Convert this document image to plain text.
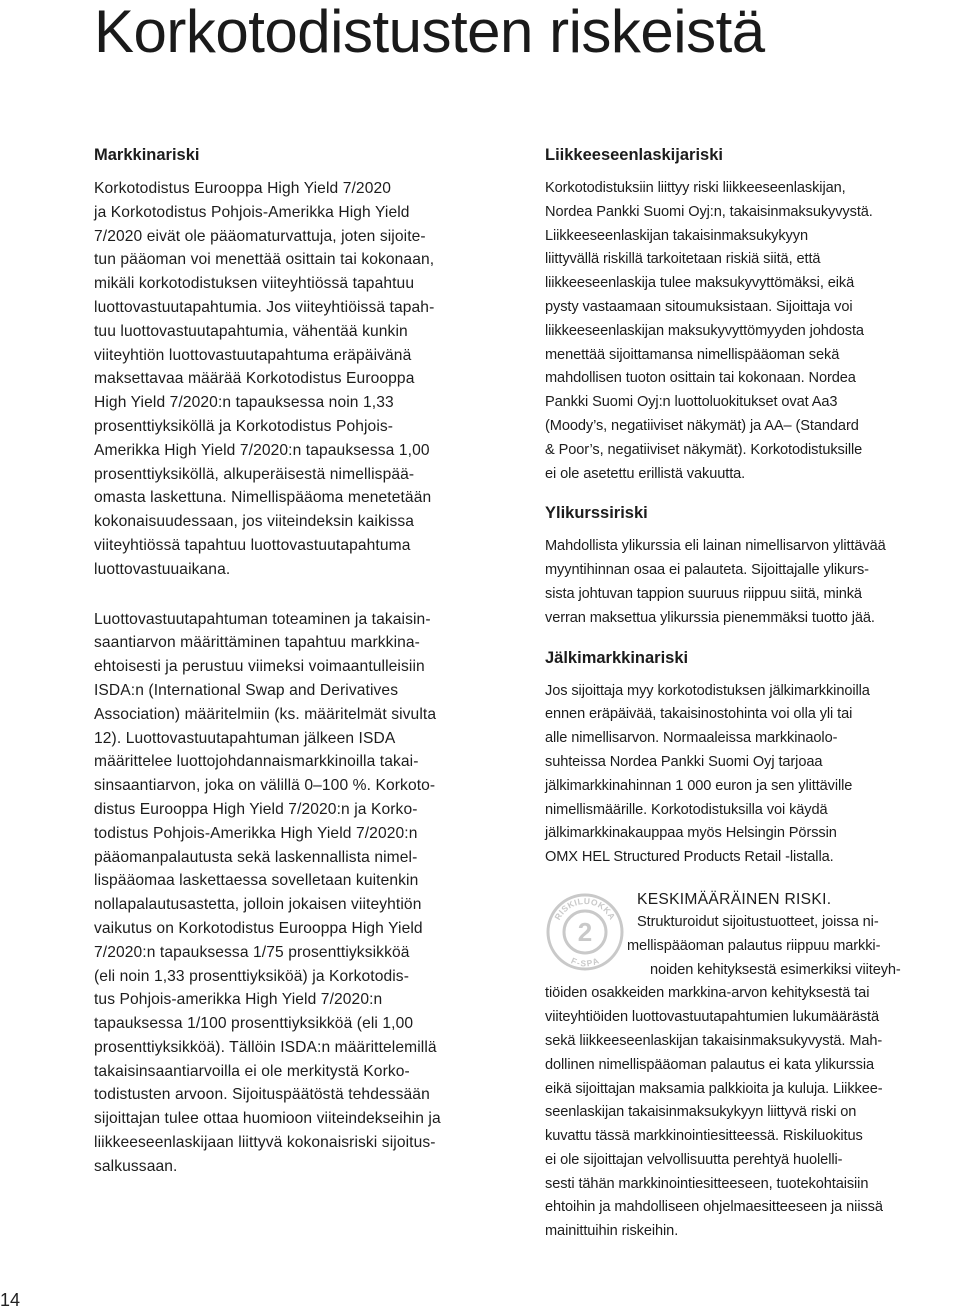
Korkotodistusten riskeistä
Markkinariski

Korkotodistus Eurooppa High Yield 7/2020
ja Korkotodistus Pohjois-Amerikka High Yield
7/2020 eivät ole pääomaturvattuja, joten sijoite-
tun pääoman voi menettää osittain tai kokonaan,
mikäli korkotodistuksen viiteyhtiössä tapahtuu
luottovastuutapahtumia. Jos viiteyhtiöissä tapah-
tuu luottovastuutapahtumia, vähentää kunkin
viiteyhtiön luottovastuutapahtuma eräpäivänä
maksettavaa määrää Korkotodistus Eurooppa
High Yield 7/2020:n tapauksessa noin 1,33
prosenttiyksiköllä ja Korkotodistus Pohjois-
Amerikka High Yield 7/2020:n tapauksessa 1,00
prosenttiyksiköllä, alkuperäisestä nimellispää-
omasta laskettuna. Nimellispääoma menetetään
kokonaisuudessaan, jos viiteindeksin kaikissa
viiteyhtiössä tapahtuu luottovastuutapahtuma
luottovastuuaikana.

Luottovastuutapahtuman toteaminen ja takaisin-
saantiarvon määrittäminen tapahtuu markkina-
ehtoisesti ja perustuu viimeksi voimaantulleisiin
ISDA:n (International Swap and Derivatives
Association) määritelmiin (ks. määritelmät sivulta
12). Luottovastuutapahtuman jälkeen ISDA
määrittelee luottojohdannaismarkkinoilla takai-
sinsaantiarvon, joka on välillä 0–100 %. Korkoto-
distus Eurooppa High Yield 7/2020:n ja Korko-
todistus Pohjois-Amerikka High Yield 7/2020:n
pääomanpalautusta sekä laskennallista nimel-
lispääomaa laskettaessa sovelletaan kuitenkin
nollapalautusastetta, jolloin jokaisen viiteyhtiön
vaikutus on Korkotodistus Eurooppa High Yield
7/2020:n tapauksessa 1/75 prosenttiyksikköä
(eli noin 1,33 prosenttiyksiköä) ja Korkotodis-
tus Pohjois-amerikka High Yield 7/2020:n
tapauksessa 1/100 prosenttiyksikköä (eli 1,00
prosenttiyksikköä). Tällöin ISDA:n määrittelemillä
takaisinsaantiarvoilla ei ole merkitystä Korko-
todistusten arvoon. Sijoituspäätöstä tehdessään
sijoittajan tulee ottaa huomioon viiteindekseihin ja
liikkeeseenlaskijaan liittyvä kokonaisriski sijoitus-
salkussaan.

Liikkeeseenlaskijariski

Korkotodistuksiin liittyy riski liikkeeseenlaskijan,
Nordea Pankki Suomi Oyj:n, takaisinmaksukyvystä.
Liikkeeseenlaskijan takaisinmaksukykyyn
liittyvällä riskillä tarkoitetaan riskiä siitä, että
liikkeeseenlaskija tulee maksukyvyttömäksi, eikä
pysty vastaamaan sitoumuksistaan. Sijoittaja voi
liikkeeseenlaskijan maksukyvyttömyyden johdosta
menettää sijoittamansa nimellispääoman sekä
mahdollisen tuoton osittain tai kokonaan. Nordea
Pankki Suomi Oyj:n luottoluokitukset ovat Aa3
(Moody’s, negatiiviset näkymät) ja AA– (Standard
& Poor’s, negatiiviset näkymät). Korkotodistuksille
ei ole asetettu erillistä vakuutta.

Ylikurssiriski

Mahdollista ylikurssia eli lainan nimellisarvon ylittävää
myyntihinnan osaa ei palauteta. Sijoittajalle ylikurs-
sista johtuvan tappion suuruus riippuu siitä, minkä
verran maksettua ylikurssia pienemmäksi tuotto jää.

Jälkimarkkinariski

Jos sijoittaja myy korkotodistuksen jälkimarkkinoilla
ennen eräpäivää, takaisinostohinta voi olla yli tai
alle nimellisarvon. Normaaleissa markkinaolo-
suhteissa Nordea Pankki Suomi Oyj tarjoaa
jälkimarkkinahinnan 1 000 euron ja sen ylittäville
nimellismäärille. Korkotodistuksilla voi käydä
jälkimarkkinakauppaa myös Helsingin Pörssin
OMX HEL Structured Products Retail -listalla.

RISKILUOKKA
F-SPA
2
KESKIMÄÄRÄINEN RISKI.
Strukturoidut sijoitustuotteet, joissa ni-
mellispääoman palautus riippuu markki-
noiden kehityksestä esimerkiksi viiteyh-

tiöiden osakkeiden markkina-arvon kehityksestä tai
viiteyhtiöiden luottovastuutapahtumien lukumäärästä
sekä liikkeeseenlaskijan takaisinmaksukyvystä. Mah-
dollinen nimellispääoman palautus ei kata ylikurssia
eikä sijoittajan maksamia palkkioita ja kuluja. Liikkee-
seenlaskijan takaisinmaksukykyyn liittyvä riski on
kuvattu tässä markkinointiesitteessä. Riskiluokitus
ei ole sijoittajan velvollisuutta perehtyä huolelli-
sesti tähän markkinointiesitteeseen, tuotekohtaisiin
ehtoihin ja mahdolliseen ohjelmaesitteeseen ja niissä
mainittuihin riskeihin.

14
